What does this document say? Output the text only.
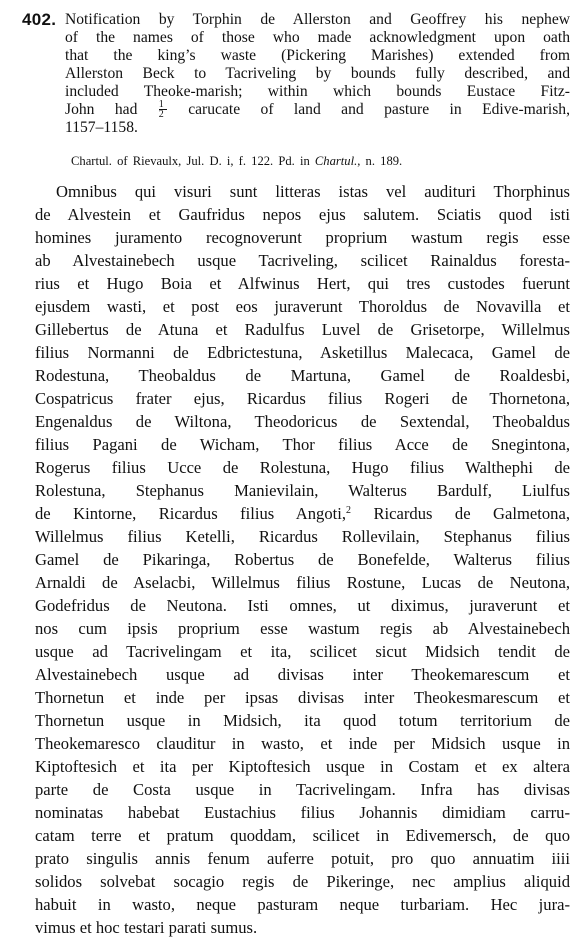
402. Notification by Torphin de Allerston and Geoffrey his nephew
of the names of those who made acknowledgment upon oath
that the king’s waste (Pickering Marishes) extended from
Allerston Beck to Tacriveling by bounds fully described, and
included Theoke-marish; within which bounds Eustace Fitz-
John had $\frac{1}{2}$ carucate of land and pasture in Edive-marish,
1157–1158.
Chartul. of Rievaulx, Jul. D. i, f. 122. Pd. in Chartul., n. 189.
Omnibus qui visuri sunt litteras istas vel audituri Thorphinus
de Alvestein et Gaufridus nepos ejus salutem. Sciatis quod isti
homines juramento recognoverunt proprium wastum regis esse
ab Alvestainebech usque Tacriveling, scilicet Rainaldus foresta-
rius et Hugo Boia et Alfwinus Hert, qui tres custodes fuerunt
ejusdem wasti, et post eos juraverunt Thoroldus de Novavilla et
Gillebertus de Atuna et Radulfus Luvel de Grisetorpe, Willelmus
filius Normanni de Edbrictestuna, Asketillus Malecaca, Gamel de
Rodestuna, Theobaldus de Martuna, Gamel de Roaldesbi,
Cospatricus frater ejus, Ricardus filius Rogeri de Thornetona,
Engenaldus de Wiltona, Theodoricus de Sextendal, Theobaldus
filius Pagani de Wicham, Thor filius Acce de Snegintona,
Rogerus filius Ucce de Rolestuna, Hugo filius Walthephi de
Rolestuna, Stephanus Manievilain, Walterus Bardulf, Liulfus
de Kintorne, Ricardus filius Angoti,$^2$ Ricardus de Galmetona,
Willelmus filius Ketelli, Ricardus Rollevilain, Stephanus filius
Gamel de Pikaringa, Robertus de Bonefelde, Walterus filius
Arnaldi de Aselacbi, Willelmus filius Rostune, Lucas de Neutona,
Godefridus de Neutona. Isti omnes, ut diximus, juraverunt et
nos cum ipsis proprium esse wastum regis ab Alvestainebech
usque ad Tacrivelingam et ita, scilicet sicut Midsich tendit de
Alvestainebech usque ad divisas inter Theokemarescum et
Thornetun et inde per ipsas divisas inter Theokesmarescum et
Thornetun usque in Midsich, ita quod totum territorium de
Theokemaresco clauditur in wasto, et inde per Midsich usque in
Kiptoftesich et ita per Kiptoftesich usque in Costam et ex altera
parte de Costa usque in Tacrivelingam. Infra has divisas
nominatas habebat Eustachius filius Johannis dimidiam carru-
catam terre et pratum quoddam, scilicet in Edivemersch, de quo
prato singulis annis fenum auferre potuit, pro quo annuatim iiii
solidos solvebat socagio regis de Pikeringe, nec amplius aliquid
habuit in wasto, neque pasturam neque turbariam. Hec jura-
vimus et hoc testari parati sumus.
